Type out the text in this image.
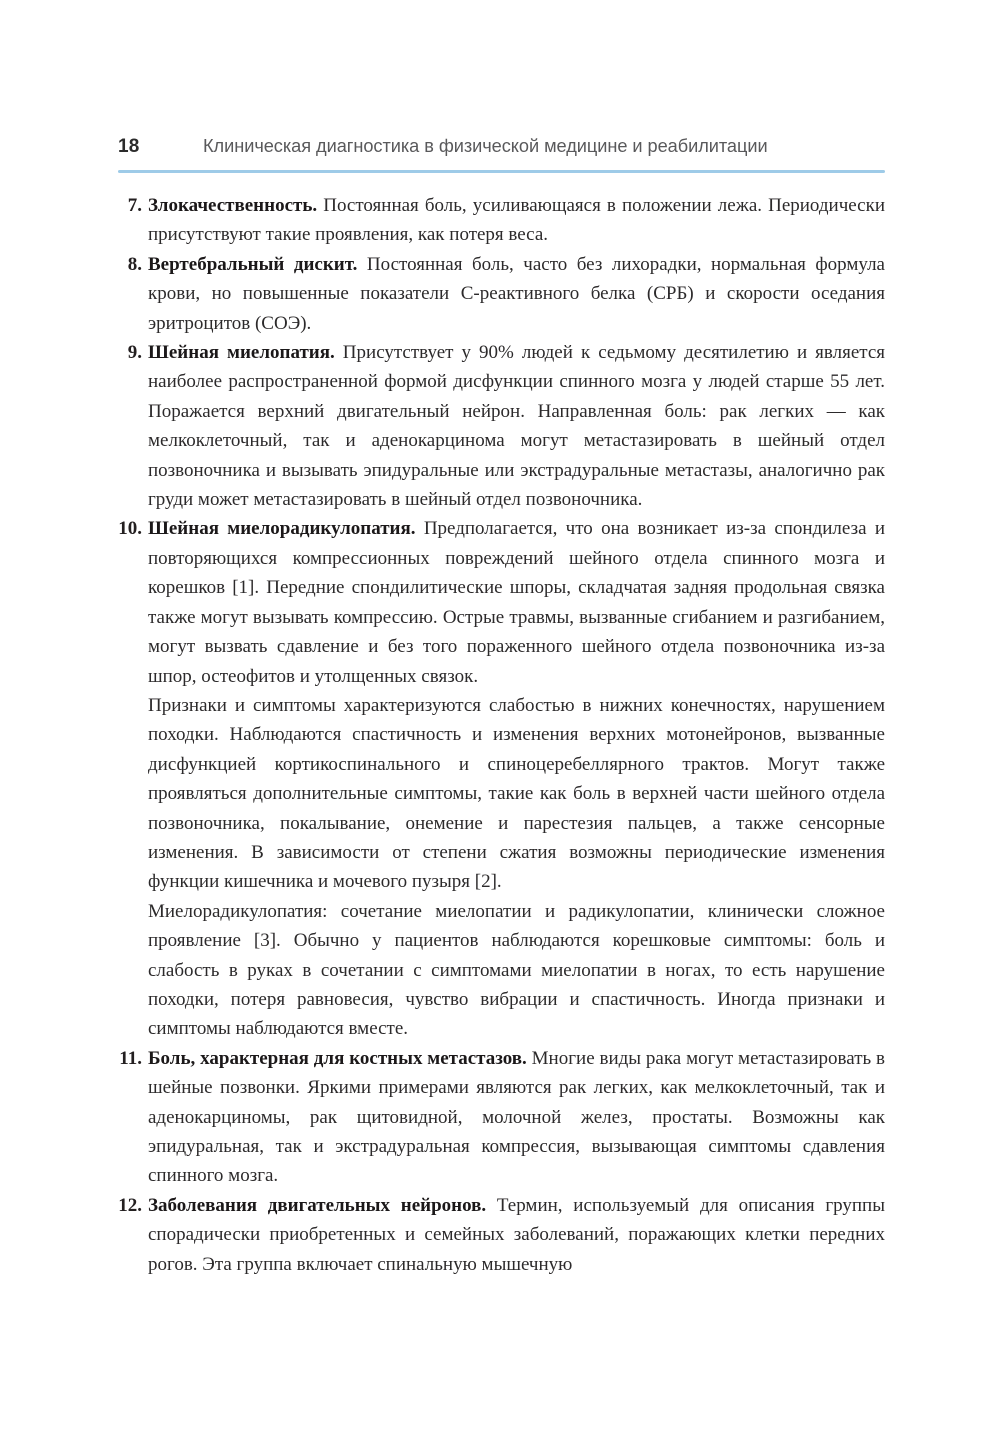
18	Клиническая диагностика в физической медицине и реабилитации
7. Злокачественность. Постоянная боль, усиливающаяся в положении лежа. Периодически присутствуют такие проявления, как потеря веса.

8. Вертебральный дискит. Постоянная боль, часто без лихорадки, нормальная формула крови, но повышенные показатели С-реактивного белка (СРБ) и скорости оседания эритроцитов (СОЭ).

9. Шейная миелопатия. Присутствует у 90% людей к седьмому десятилетию и является наиболее распространенной формой дисфункции спинного мозга у людей старше 55 лет. Поражается верхний двигательный нейрон. Направленная боль: рак легких — как мелкоклеточный, так и аденокарцинома могут метастазировать в шейный отдел позвоночника и вызывать эпидуральные или экстрадуральные метастазы, аналогично рак груди может метастазировать в шейный отдел позвоночника.

10. Шейная миелорадикулопатия. Предполагается, что она возникает из-за спондилеза и повторяющихся компрессионных повреждений шейного отдела спинного мозга и корешков [1]. Передние спондилитические шпоры, складчатая задняя продольная связка также могут вызывать компрессию. Острые травмы, вызванные сгибанием и разгибанием, могут вызвать сдавление и без того пораженного шейного отдела позвоночника из-за шпор, остеофитов и утолщенных связок.

Признаки и симптомы характеризуются слабостью в нижних конечностях, нарушением походки. Наблюдаются спастичность и изменения верхних мотонейронов, вызванные дисфункцией кортикоспинального и спиноцеребеллярного трактов. Могут также проявляться дополнительные симптомы, такие как боль в верхней части шейного отдела позвоночника, покалывание, онемение и парестезия пальцев, а также сенсорные изменения. В зависимости от степени сжатия возможны периодические изменения функции кишечника и мочевого пузыря [2].

Миелорадикулопатия: сочетание миелопатии и радикулопатии, клинически сложное проявление [3]. Обычно у пациентов наблюдаются корешковые симптомы: боль и слабость в руках в сочетании с симптомами миелопатии в ногах, то есть нарушение походки, потеря равновесия, чувство вибрации и спастичность. Иногда признаки и симптомы наблюдаются вместе.

11. Боль, характерная для костных метастазов. Многие виды рака могут метастазировать в шейные позвонки. Яркими примерами являются рак легких, как мелкоклеточный, так и аденокарциномы, рак щитовидной, молочной желез, простаты. Возможны как эпидуральная, так и экстрадуральная компрессия, вызывающая симптомы сдавления спинного мозга.

12. Заболевания двигательных нейронов. Термин, используемый для описания группы спорадически приобретенных и семейных заболеваний, поражающих клетки передних рогов. Эта группа включает спинальную мышечную
